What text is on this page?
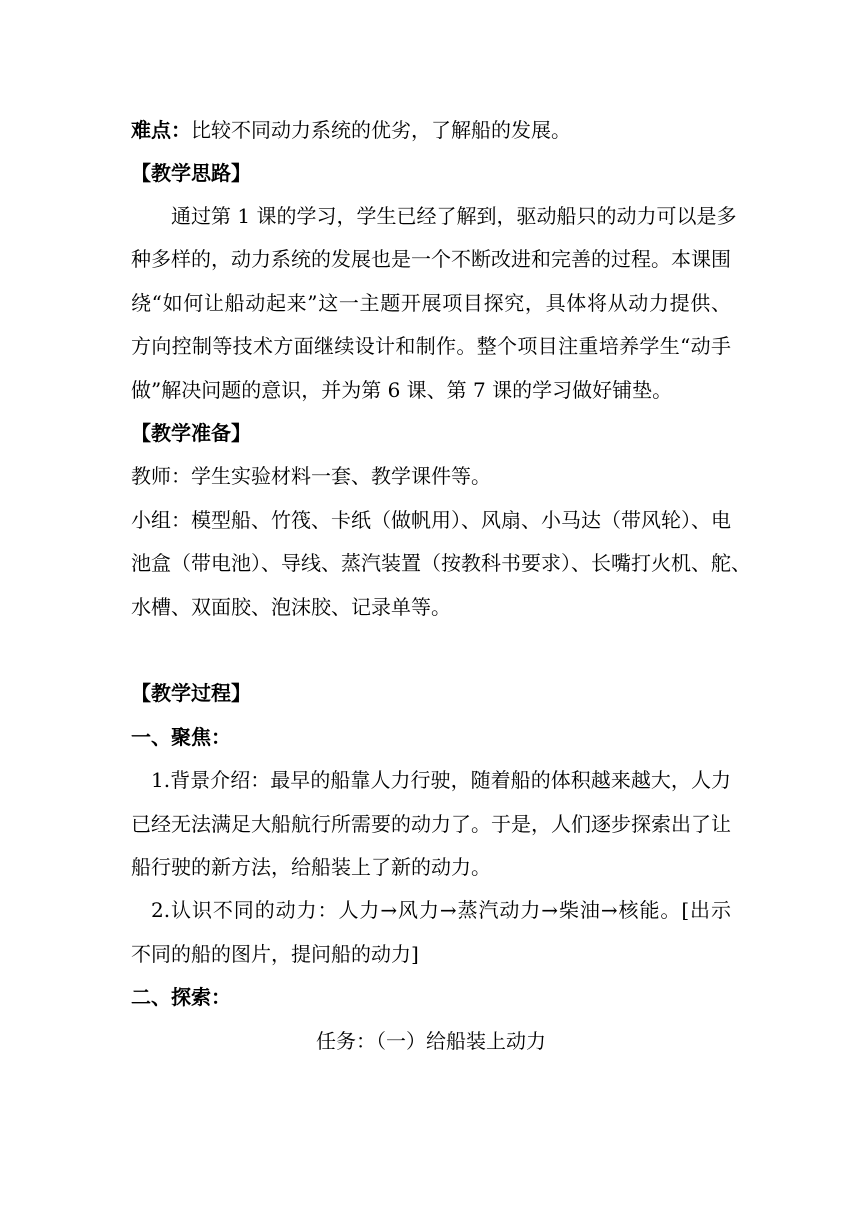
难点：比较不同动力系统的优劣，了解船的发展。
【教学思路】
通过第 1 课的学习，学生已经了解到，驱动船只的动力可以是多
种多样的，动力系统的发展也是一个不断改进和完善的过程。本课围
绕“如何让船动起来”这一主题开展项目探究，具体将从动力提供、
方向控制等技术方面继续设计和制作。整个项目注重培养学生“动手
做”解决问题的意识，并为第 6 课、第 7 课的学习做好铺垫。
【教学准备】
教师：学生实验材料一套、教学课件等。
小组：模型船、竹筏、卡纸（做帆用）、风扇、小马达（带风轮）、电
池盒（带电池）、导线、蒸汽装置（按教科书要求）、长嘴打火机、舵、
水槽、双面胶、泡沫胶、记录单等。
【教学过程】
一、聚焦：
1.背景介绍：最早的船靠人力行驶，随着船的体积越来越大，人力
已经无法满足大船航行所需要的动力了。于是，人们逐步探索出了让
船行驶的新方法，给船装上了新的动力。
2.认识不同的动力：人力→风力→蒸汽动力→柴油→核能。[出示
不同的船的图片，提问船的动力]
二、探索：
任务：（一）给船装上动力
